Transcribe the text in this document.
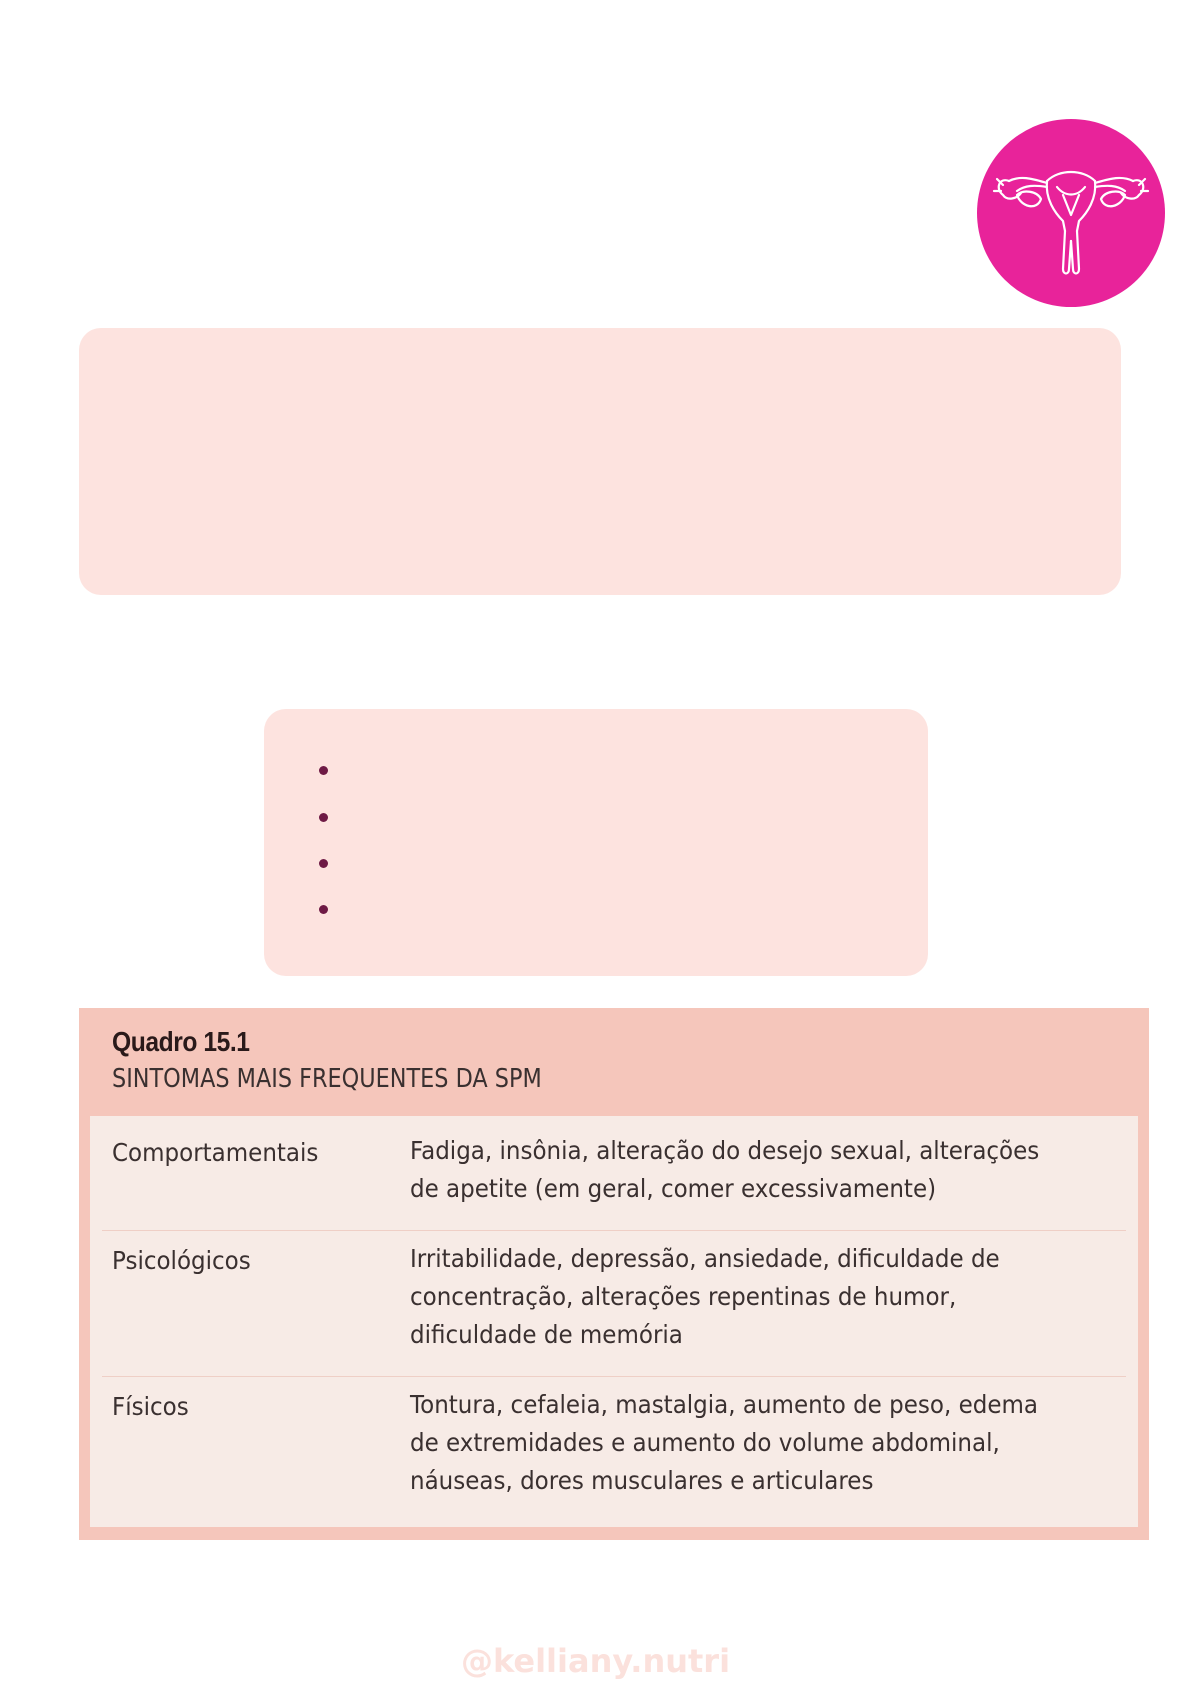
Quadro 15.1
SINTOMAS MAIS FREQUENTES DA SPM
Comportamentais	Fadiga, insônia, alteração do desejo sexual, alterações de apetite (em geral, comer excessivamente)
Psicológicos	Irritabilidade, depressão, ansiedade, dificuldade de concentração, alterações repentinas de humor, dificuldade de memória
Físicos	Tontura, cefaleia, mastalgia, aumento de peso, edema de extremidades e aumento do volume abdominal, náuseas, dores musculares e articulares
@kelliany.nutri
